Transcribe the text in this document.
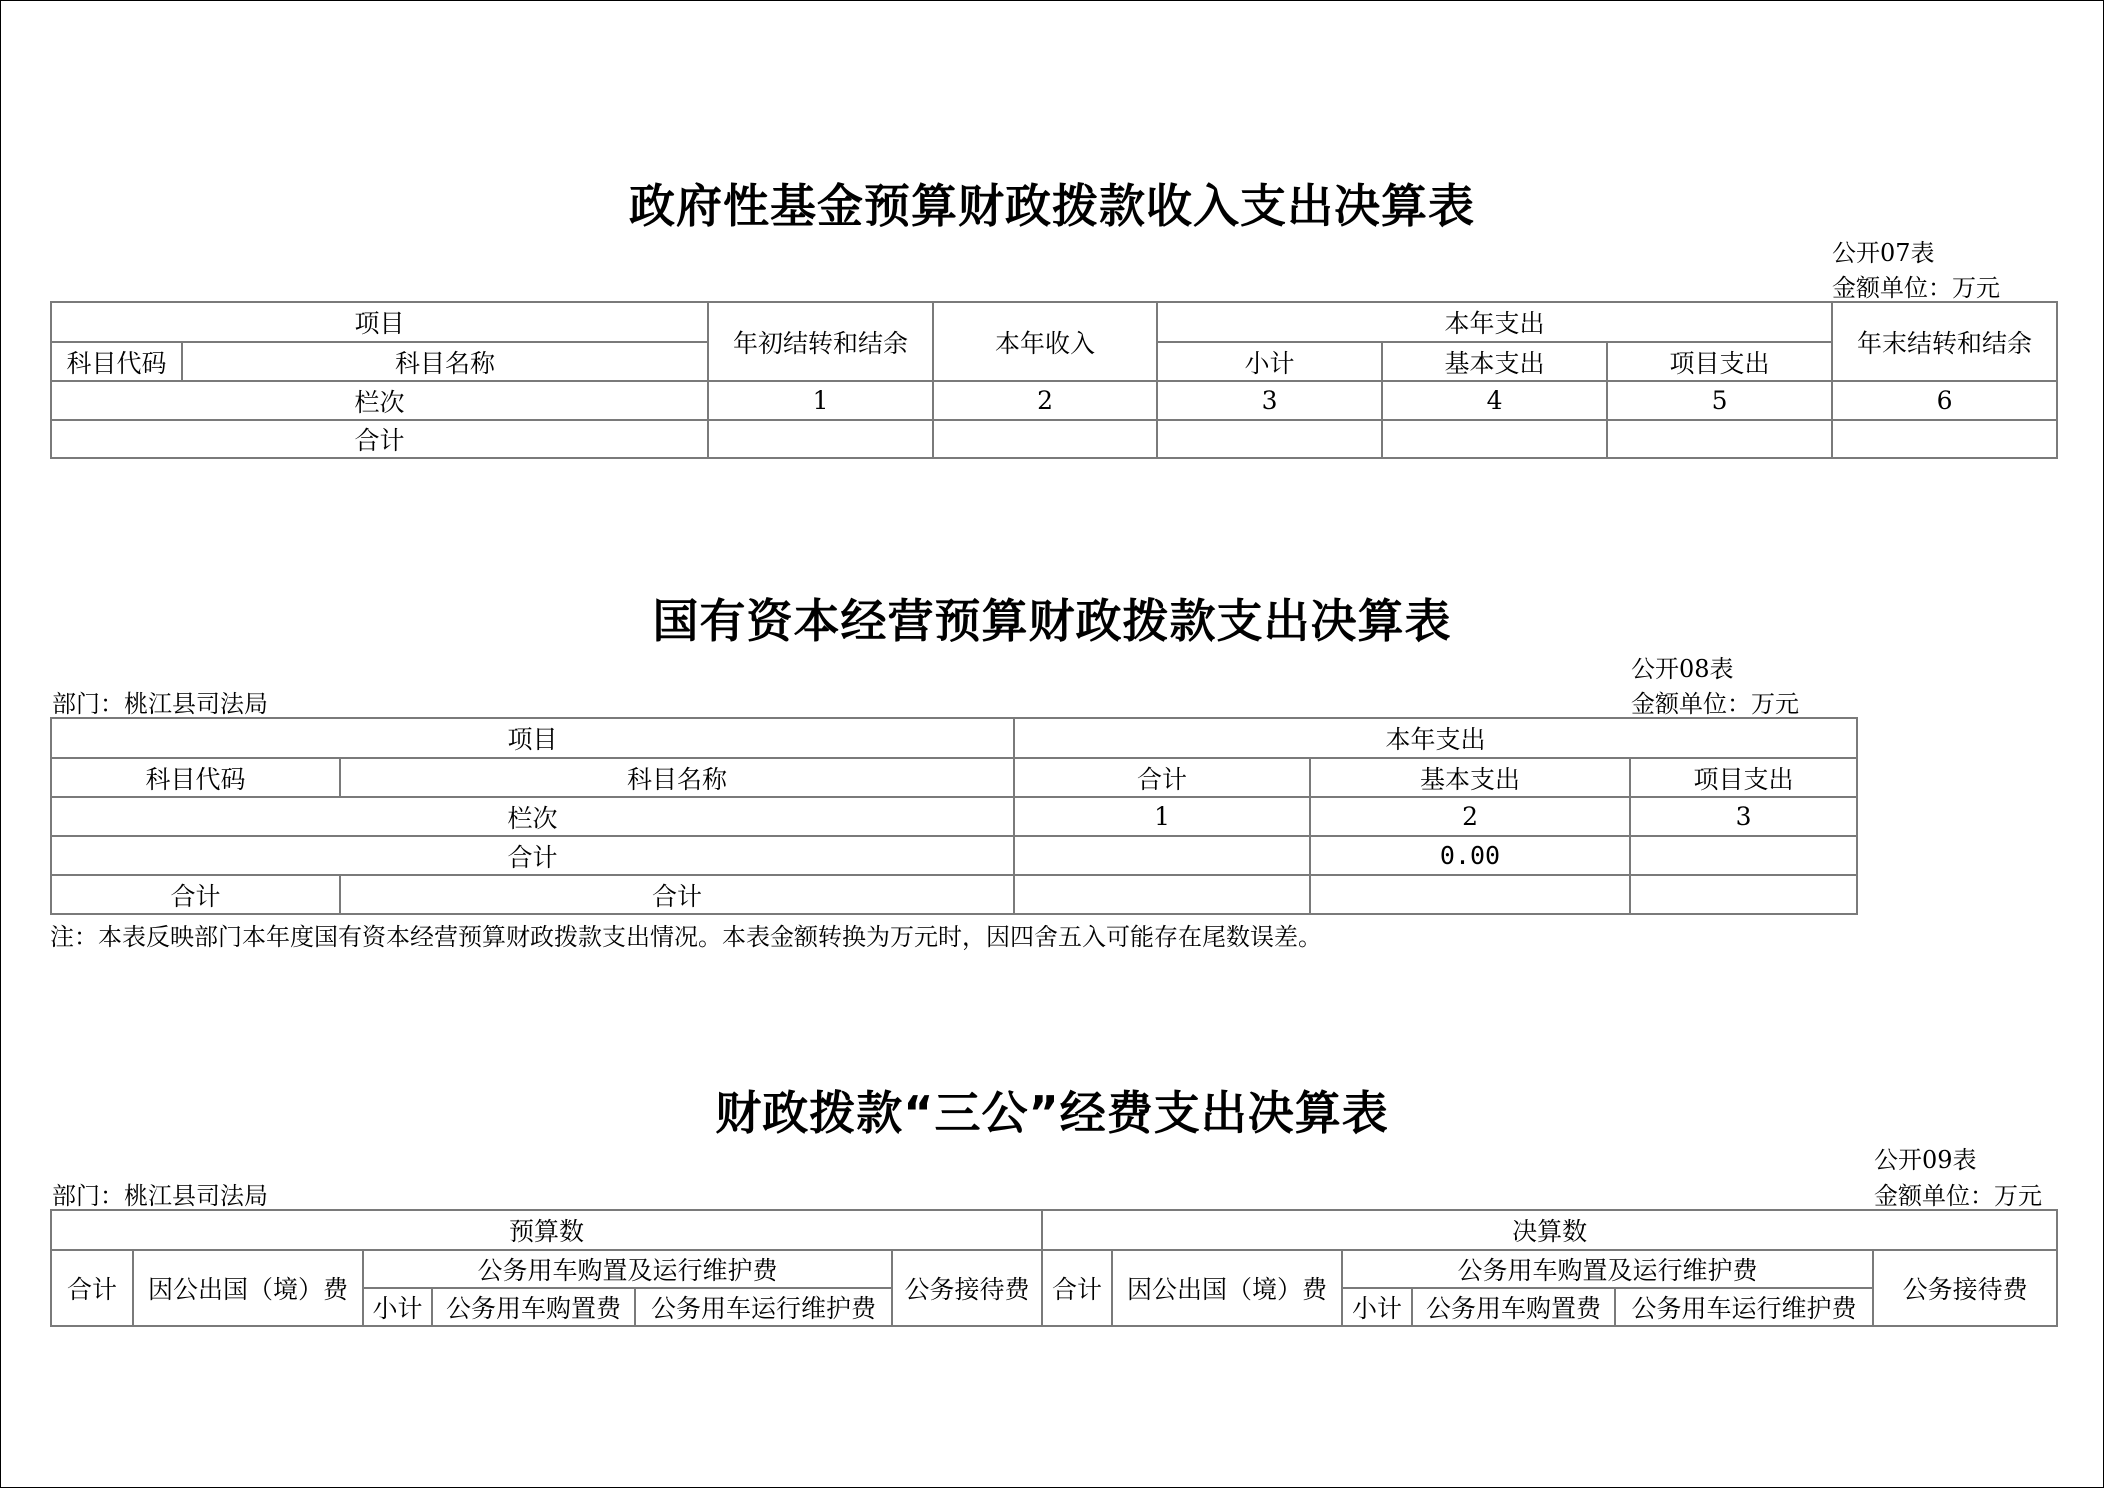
政府性基金预算财政拨款收入支出决算表
公开07表
金额单位：万元
项目		年初结转和结余	本年收入	本年支出			年末结转和结余
科目代码	科目名称			小计	基本支出	项目支出	
栏次		1	2	3	4	5	6
合计							
国有资本经营预算财政拨款支出决算表
公开08表
部门：桃江县司法局	金额单位：万元
项目		本年支出		
科目代码	科目名称	合计	基本支出	项目支出
栏次		1	2	3
合计			0.00	
合计	合计			
注：本表反映部门本年度国有资本经营预算财政拨款支出情况。本表金额转换为万元时，因四舍五入可能存在尾数误差。
财政拨款“三公”经费支出决算表
公开09表
部门：桃江县司法局	金额单位：万元
预算数						决算数					
合计	因公出国（境）费	公务用车购置及运行维护费			公务接待费	合计	因公出国（境）费	公务用车购置及运行维护费			公务接待费
		小计	公务用车购置费	公务用车运行维护费				小计	公务用车购置费	公务用车运行维护费	
